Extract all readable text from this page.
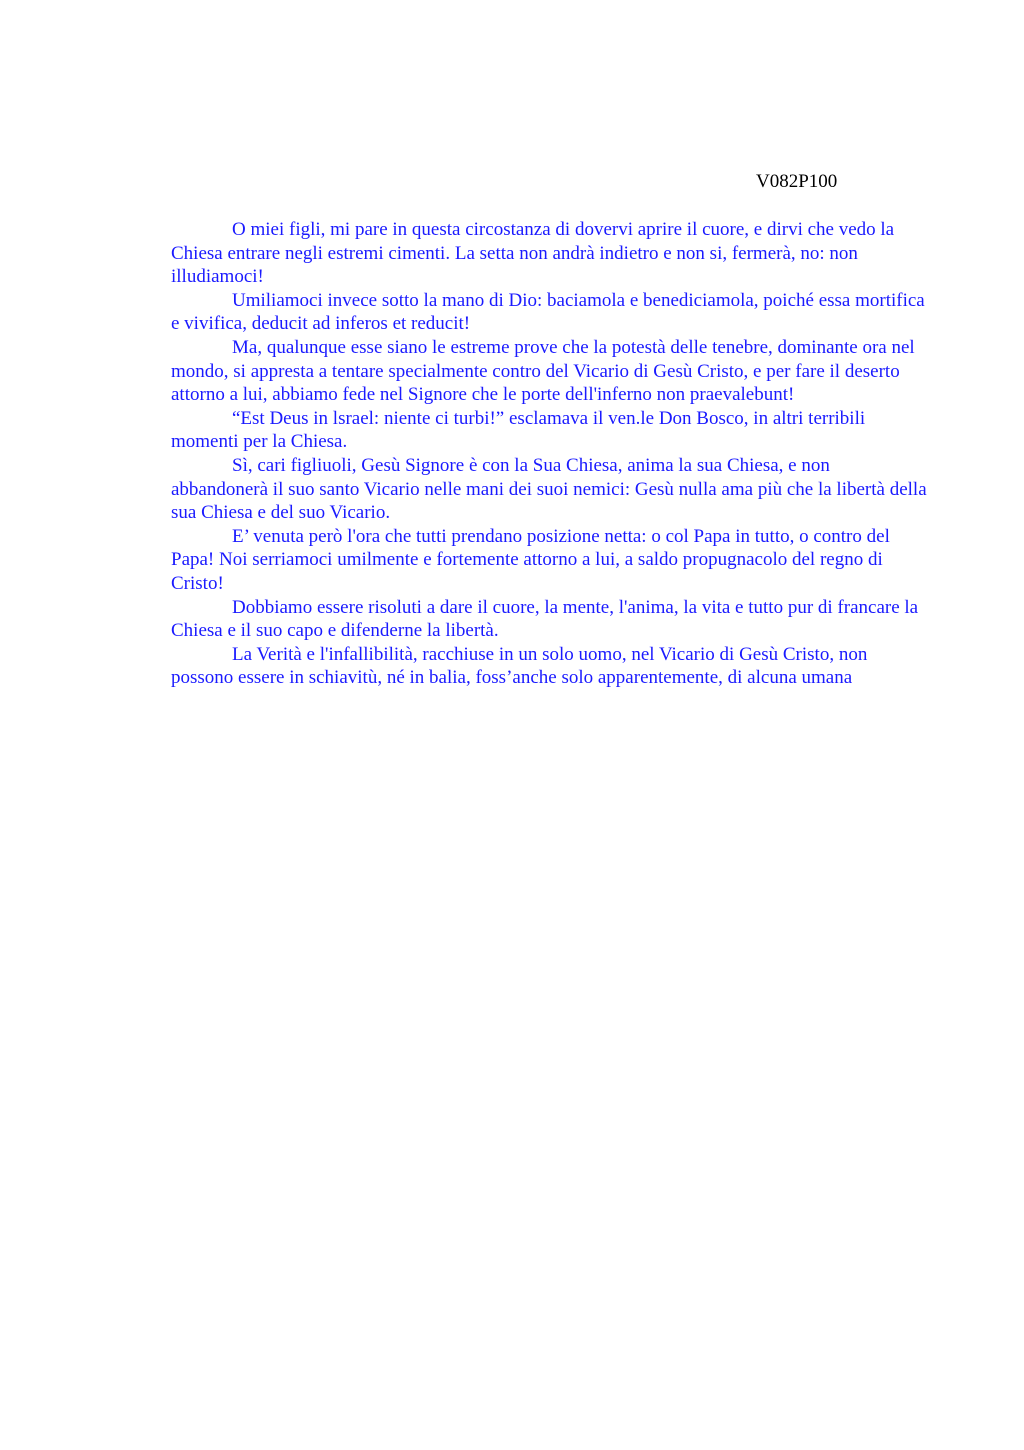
V082P100

O miei figli, mi pare in questa circostanza di dovervi aprire il cuore, e dirvi che vedo la Chiesa entrare negli estremi cimenti. La setta non andrà indietro e non si, fermerà, no: non illudiamoci!

Umiliamoci invece sotto la mano di Dio: baciamola e benediciamola, poiché essa mortifica e vivifica, deducit ad inferos et reducit!

Ma, qualunque esse siano le estreme prove che la potestà delle tenebre, dominante ora nel mondo, si appresta a tentare specialmente contro del Vicario di Gesù Cristo, e per fare il deserto attorno a lui, abbiamo fede nel Signore che le porte dell'inferno non praevalebunt!

“Est Deus in lsrael: niente ci turbi!” esclamava il ven.le Don Bosco, in altri terribili momenti per la Chiesa.

Sì, cari figliuoli, Gesù Signore è con la Sua Chiesa, anima la sua Chiesa, e non abbandonerà il suo santo Vicario nelle mani dei suoi nemici: Gesù nulla ama più che la libertà della sua Chiesa e del suo Vicario.

E’ venuta però l'ora che tutti prendano posizione netta: o col Papa in tutto, o contro del Papa! Noi serriamoci umilmente e fortemente attorno a lui, a saldo propugnacolo del regno di Cristo!

Dobbiamo essere risoluti a dare il cuore, la mente, l'anima, la vita e tutto pur di francare la Chiesa e il suo capo e difenderne la libertà.

La Verità e l'infallibilità, racchiuse in un solo uomo, nel Vicario di Gesù Cristo, non possono essere in schiavitù, né in balia, foss’anche solo apparentemente, di alcuna umana
